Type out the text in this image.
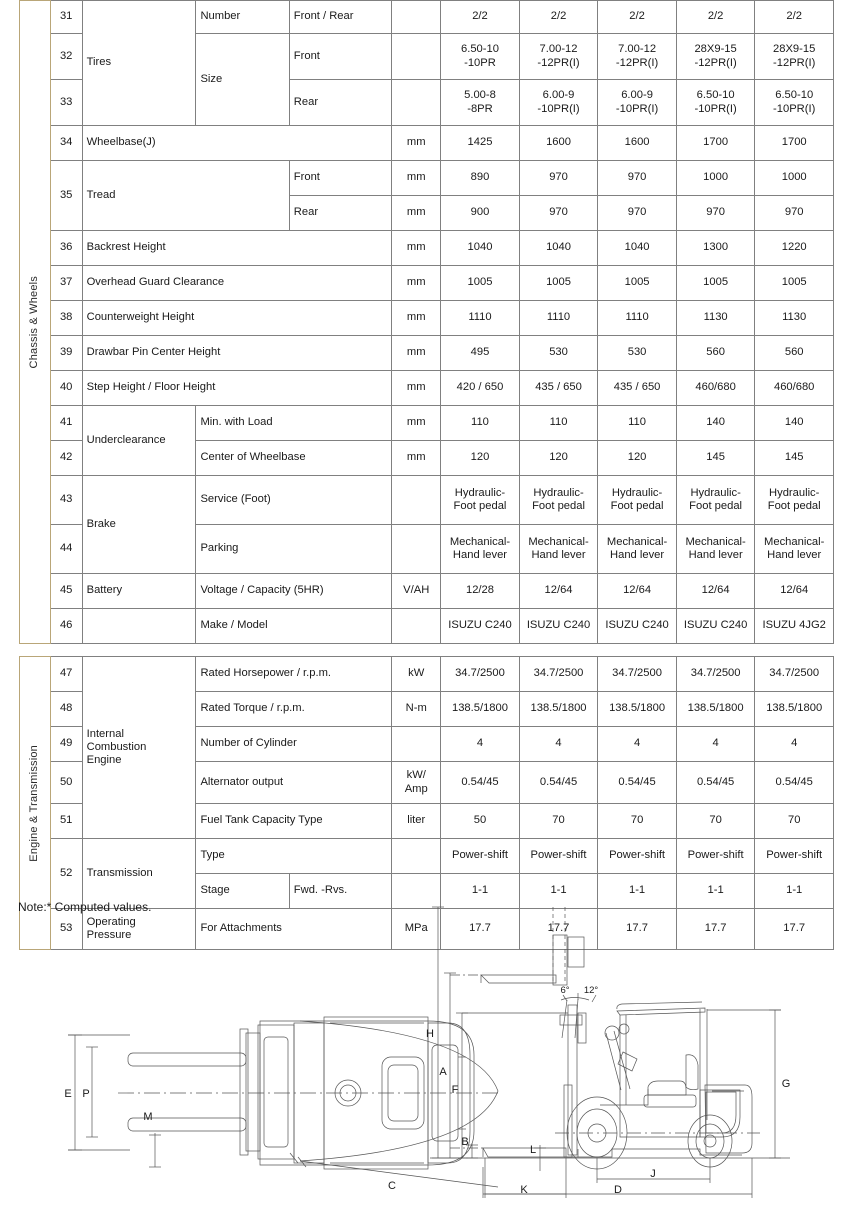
Chassis & Wheels	31	Tires	Number	Front / Rear		2/2	2/2	2/2	2/2	2/2
	32		Size	Front		6.50-10
-10PR	7.00-12
-12PR(I)	7.00-12
-12PR(I)	28X9-15
-12PR(I)	28X9-15
-12PR(I)
	33			Rear		5.00-8
-8PR	6.00-9
-10PR(I)	6.00-9
-10PR(I)	6.50-10
-10PR(I)	6.50-10
-10PR(I)
	34	Wheelbase(J)			mm	1425	1600	1600	1700	1700
	35	Tread		Front	mm	890	970	970	1000	1000
				Rear	mm	900	970	970	970	970
	36	Backrest Height			mm	1040	1040	1040	1300	1220
	37	Overhead Guard Clearance			mm	1005	1005	1005	1005	1005
	38	Counterweight Height			mm	1110	1110	1110	1130	1130
	39	Drawbar Pin Center Height			mm	495	530	530	560	560
	40	Step Height / Floor Height			mm	420 / 650	435 / 650	435 / 650	460/680	460/680
	41	Underclearance	Min. with Load		mm	110	110	110	140	140
	42		Center of Wheelbase		mm	120	120	120	145	145
	43	Brake	Service (Foot)			Hydraulic-
Foot pedal	Hydraulic-
Foot pedal	Hydraulic-
Foot pedal	Hydraulic-
Foot pedal	Hydraulic-
Foot pedal
	44		Parking			Mechanical-
Hand lever	Mechanical-
Hand lever	Mechanical-
Hand lever	Mechanical-
Hand lever	Mechanical-
Hand lever
	45	Battery	Voltage / Capacity (5HR)		V/AH	12/28	12/64	12/64	12/64	12/64
	46		Make / Model			ISUZU C240	ISUZU C240	ISUZU C240	ISUZU C240	ISUZU 4JG2

Engine & Transmission	47	Internal
Combustion
Engine	Rated Horsepower / r.p.m.		kW	34.7/2500	34.7/2500	34.7/2500	34.7/2500	34.7/2500
	48		Rated Torque / r.p.m.		N-m	138.5/1800	138.5/1800	138.5/1800	138.5/1800	138.5/1800
	49		Number of Cylinder			4	4	4	4	4
	50		Alternator output		kW/
Amp	0.54/45	0.54/45	0.54/45	0.54/45	0.54/45
	51		Fuel Tank Capacity Type		liter	50	70	70	70	70
	52	Transmission	Type			Power-shift	Power-shift	Power-shift	Power-shift	Power-shift
			Stage	Fwd. -Rvs.		1-1	1-1	1-1	1-1	1-1
	53	Operating
Pressure	For Attachments		MPa	17.7	17.7	17.7	17.7	17.7
Note:* Computed values.
E P
M
C
H
A
F
B
L
K
J
D
G
6° 12°
